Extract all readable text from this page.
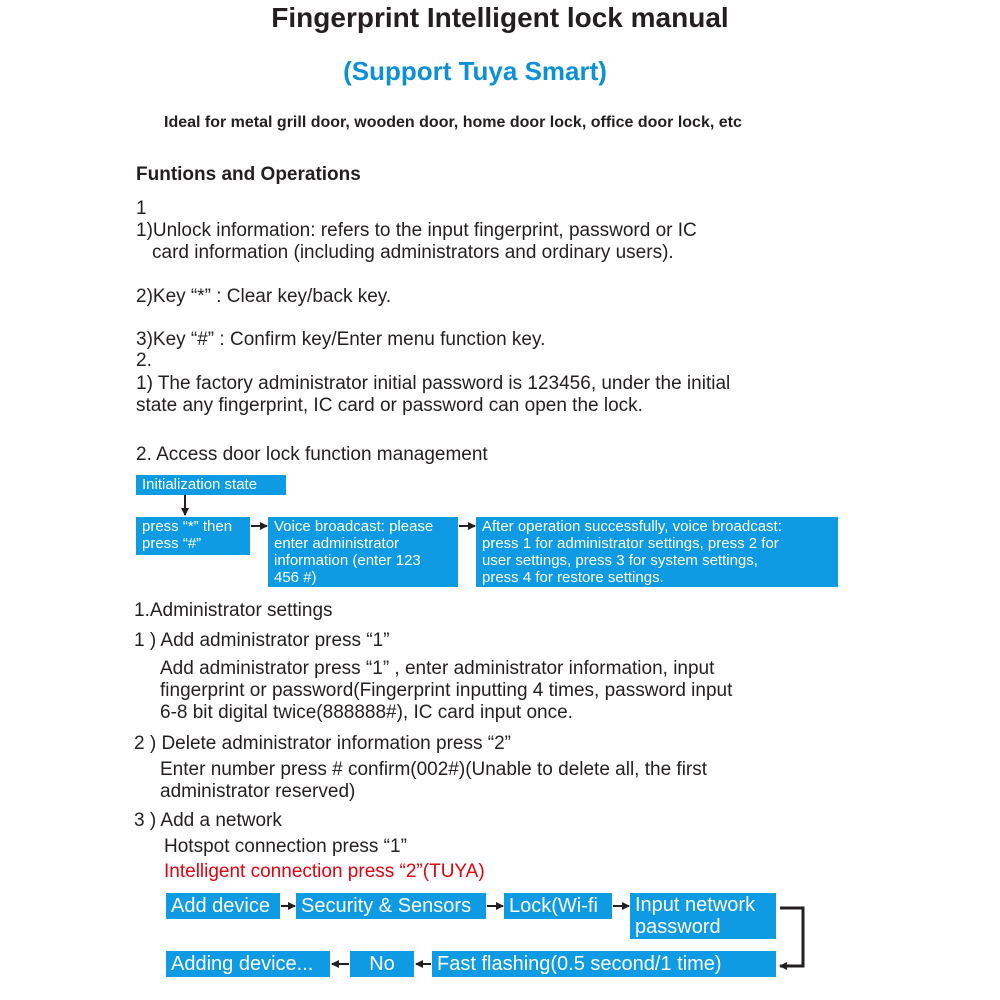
Fingerprint Intelligent lock manual
(Support Tuya Smart)
Ideal for metal grill door, wooden door, home door lock, office door lock, etc
Funtions and Operations
1
1)Unlock information: refers to the input fingerprint, password or IC
card information (including administrators and ordinary users).
2)Key “*” : Clear key/back key.
3)Key “#” : Confirm key/Enter menu function key.
2.
1) The factory administrator initial password is 123456, under the initial
state any fingerprint, IC card or password can open the lock.
2. Access door lock function management
Initialization state
press “*” then
press “#”
Voice broadcast: please
enter administrator
information (enter 123
456 #)
After operation successfully, voice broadcast:
press 1 for administrator settings, press 2 for
user settings, press 3 for system settings,
press 4 for restore settings.
1.Administrator settings
1 ) Add administrator press “1”
Add administrator press “1” , enter administrator information, input
fingerprint or password(Fingerprint inputting 4 times, password input
6-8 bit digital twice(888888#), IC card input once.
2 ) Delete administrator information press “2”
Enter number press # confirm(002#)(Unable to delete all, the first
administrator reserved)
3 ) Add a network
Hotspot connection press “1”
Intelligent connection press “2”(TUYA)
Add device	Security & Sensors	Lock(Wi-fi	Input network
password
Fast flashing(0.5 second/1 time)
No
Adding device...
